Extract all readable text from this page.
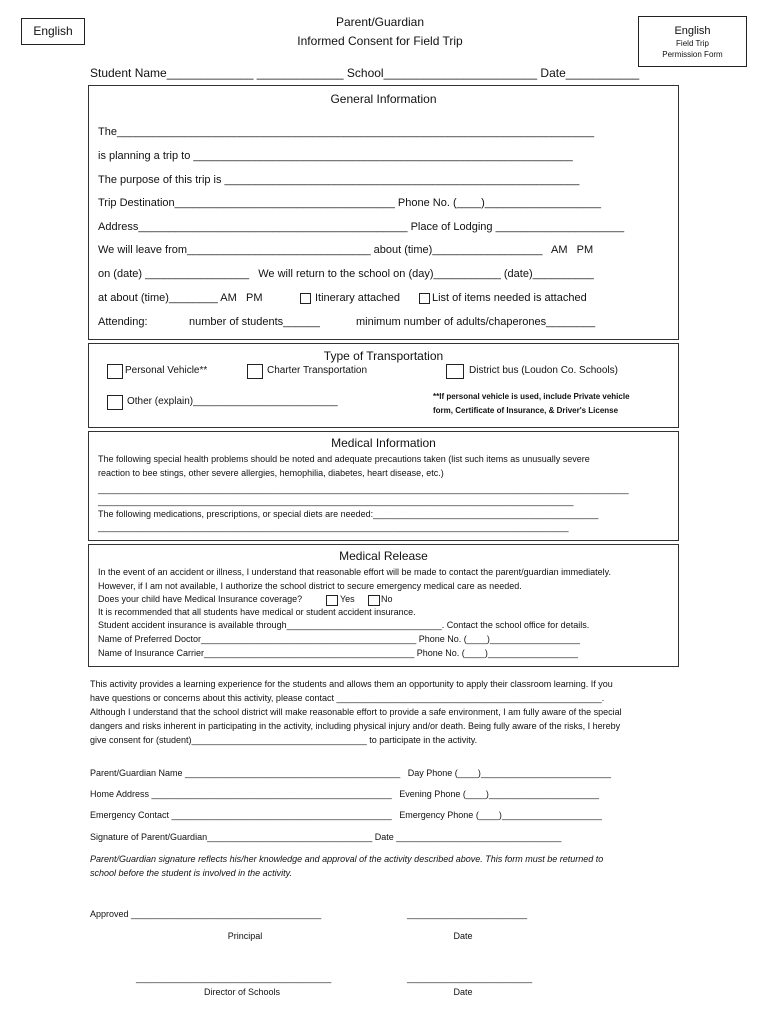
English
Parent/Guardian
Informed Consent for Field Trip
English
Field Trip
Permission Form
Student Name_____________ _____________ School_______________________ Date___________
General Information
The______________________________________________________________________________
is planning a trip to ______________________________________________________________
The purpose of this trip is __________________________________________________________
Trip Destination____________________________________ Phone No. (____)___________________
Address____________________________________________ Place of Lodging _____________________
We will leave from______________________________ about (time)__________________   AM   PM
on (date) _________________   We will return to the school on (day)___________ (date)__________
at about (time)________ AM   PM	Itinerary attached	List of items needed is attached
Attending:	number of students______	minimum number of adults/chaperones________
Type of Transportation
Personal Vehicle**	Charter Transportation	District bus (Loudon Co. Schools)
Other (explain)__________________________	**If personal vehicle is used, include Private vehicle
form, Certificate of Insurance, & Driver's License
Medical Information
The following special health problems should be noted and adequate precautions taken (list such items as unusually severe
reaction to bee stings, other severe allergies, hemophilia, diabetes, heart disease, etc.)
__________________________________________________________________________________________________________
_______________________________________________________________________________________________
The following medications, prescriptions, or special diets are needed:_____________________________________________
______________________________________________________________________________________________
Medical Release
In the event of an accident or illness, I understand that reasonable effort will be made to contact the parent/guardian immediately.
However, if I am not available, I authorize the school district to secure emergency medical care as needed.
Does your child have Medical Insurance coverage?	Yes	No
It is recommended that all students have medical or student accident insurance.
Student accident insurance is available through_______________________________. Contact the school office for details.
Name of Preferred Doctor___________________________________________ Phone No. (____)__________________
Name of Insurance Carrier__________________________________________ Phone No. (____)__________________
This activity provides a learning experience for the students and allows them an opportunity to apply their classroom learning. If you
have questions or concerns about this activity, please contact _____________________________________________________.
Although I understand that the school district will make reasonable effort to provide a safe environment, I am fully aware of the special
dangers and risks inherent in participating in the activity, including physical injury and/or death. Being fully aware of the risks, I hereby
give consent for (student)___________________________________ to participate in the activity.
Parent/Guardian Name ___________________________________________   Day Phone (____)__________________________
Home Address ________________________________________________   Evening Phone (____)______________________
Emergency Contact ____________________________________________   Emergency Phone (____)____________________
Signature of Parent/Guardian_________________________________ Date _________________________________
Parent/Guardian signature reflects his/her knowledge and approval of the activity described above. This form must be returned to
school before the student is involved in the activity.
Approved ______________________________________	________________________
Principal	Date
_______________________________________	_________________________
Director of Schools	Date
